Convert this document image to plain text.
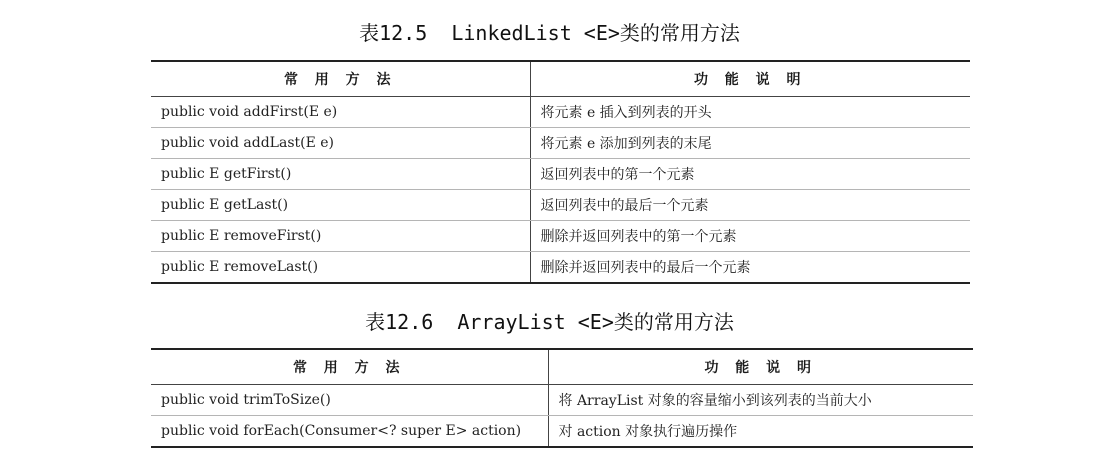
表12.5  LinkedList <E>类的常用方法
常 用 方 法	功 能 说 明
public void addFirst(E e)	将元素 e 插入到列表的开头
public void addLast(E e)	将元素 e 添加到列表的末尾
public E getFirst()	返回列表中的第一个元素
public E getLast()	返回列表中的最后一个元素
public E removeFirst()	删除并返回列表中的第一个元素
public E removeLast()	删除并返回列表中的最后一个元素
表12.6  ArrayList <E>类的常用方法
常 用 方 法	功 能 说 明
public void trimToSize()	将 ArrayList 对象的容量缩小到该列表的当前大小
public void forEach(Consumer<? super E> action)	对 action 对象执行遍历操作
